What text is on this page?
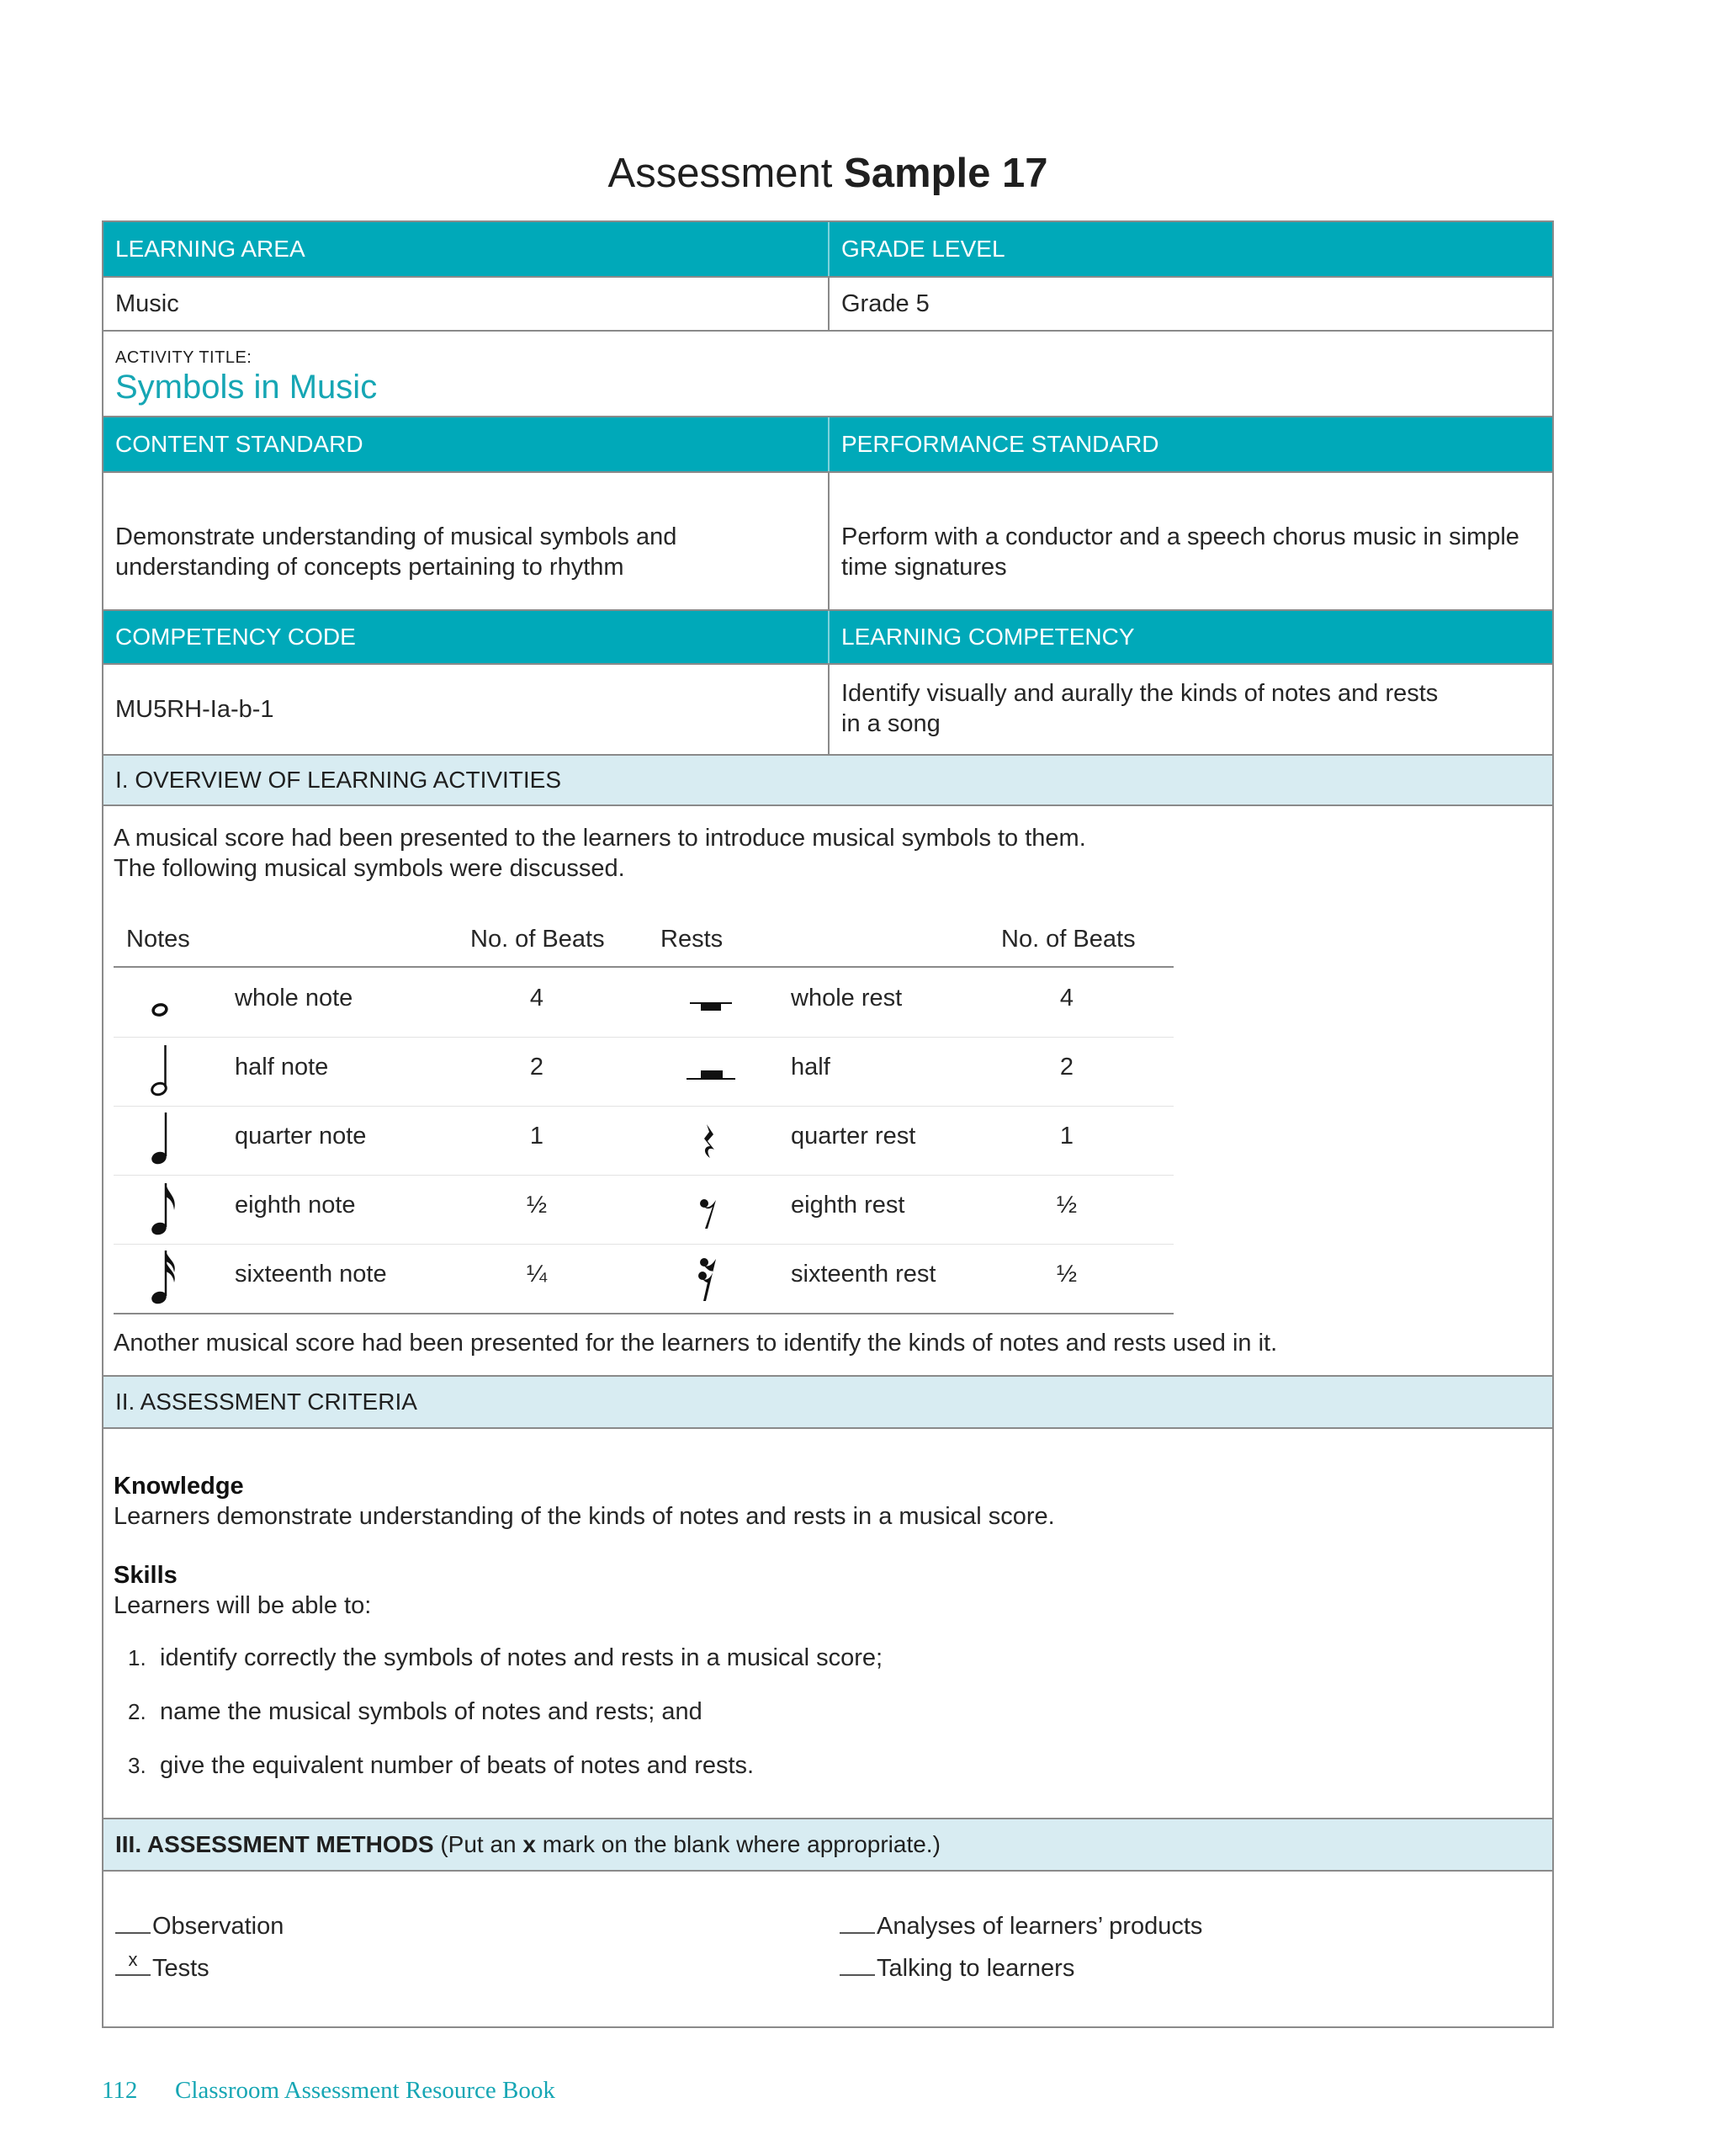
Assessment Sample 17
LEARNING AREA	GRADE LEVEL
Music	Grade 5
ACTIVITY TITLE:
Symbols in Music
CONTENT STANDARD	PERFORMANCE STANDARD
Demonstrate understanding of musical symbols and
understanding of concepts pertaining to rhythm
Perform with a conductor and a speech chorus music in simple
time signatures
COMPETENCY CODE	LEARNING COMPETENCY
MU5RH-Ia-b-1
Identify visually and aurally the kinds of notes and rests
in a song
I. OVERVIEW OF LEARNING ACTIVITIES
A musical score had been presented to the learners to introduce musical symbols to them.
The following musical symbols were discussed.
Notes	No. of Beats Rests	No. of Beats
whole note	4	whole rest	4
half note	2	half	2
quarter note	1	quarter rest	1
eighth note	½	eighth rest	½
sixteenth note	¼	sixteenth rest	½
Another musical score had been presented for the learners to identify the kinds of notes and rests used in it.
II. ASSESSMENT CRITERIA
Knowledge
Learners demonstrate understanding of the kinds of notes and rests in a musical score.
Skills
Learners will be able to:
1. identify correctly the symbols of notes and rests in a musical score;
2. name the musical symbols of notes and rests; and
3. give the equivalent number of beats of notes and rests.
III. ASSESSMENT METHODS (Put an x mark on the blank where appropriate.)
Observation
x Tests
Analyses of learners’ products
Talking to learners
112 Classroom Assessment Resource Book
